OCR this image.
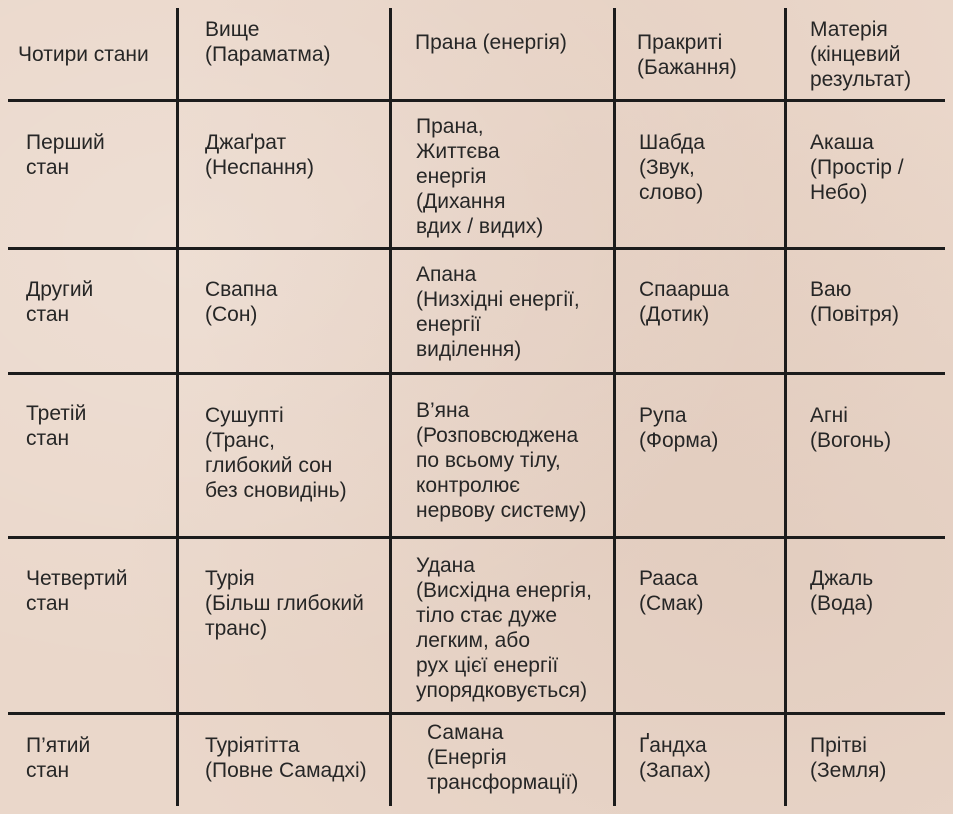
Чотири стани
Вище
(Параматма)
Прана (енергія)	Пракриті
(Бажання)
Матерія
(кінцевий
результат)
Перший
стан
Джаґрат
(Неспання)
Прана,
Життєва
енергія
(Дихання
вдих / видих)
Шабда
(Звук,
слово)
Акаша
(Простір /
Небо)
Другий
стан
Свапна
(Сон)
Апана
(Низхідні енергії,
енергії
виділення)
Спаарша
(Дотик)
Ваю
(Повітря)
Третій
стан
Сушупті
(Транс,
глибокий сон
без сновидінь)
В’яна
(Розповсюджена
по всьому тілу,
контролює
нервову систему)
Рупа
(Форма)
Агні
(Вогонь)
Четвертий
стан
Турія
(Більш глибокий
транс)
Удана
(Висхідна енергія,
тіло стає дуже
легким, або
рух цієї енергії
упорядковується)
Рааса
(Смак)
Джаль
(Вода)
П’ятий
стан
Туріятітта
(Повне Самадхі)
Самана
(Енергія
трансформації)
Ґандха
(Запах)
Прітві
(Земля)
